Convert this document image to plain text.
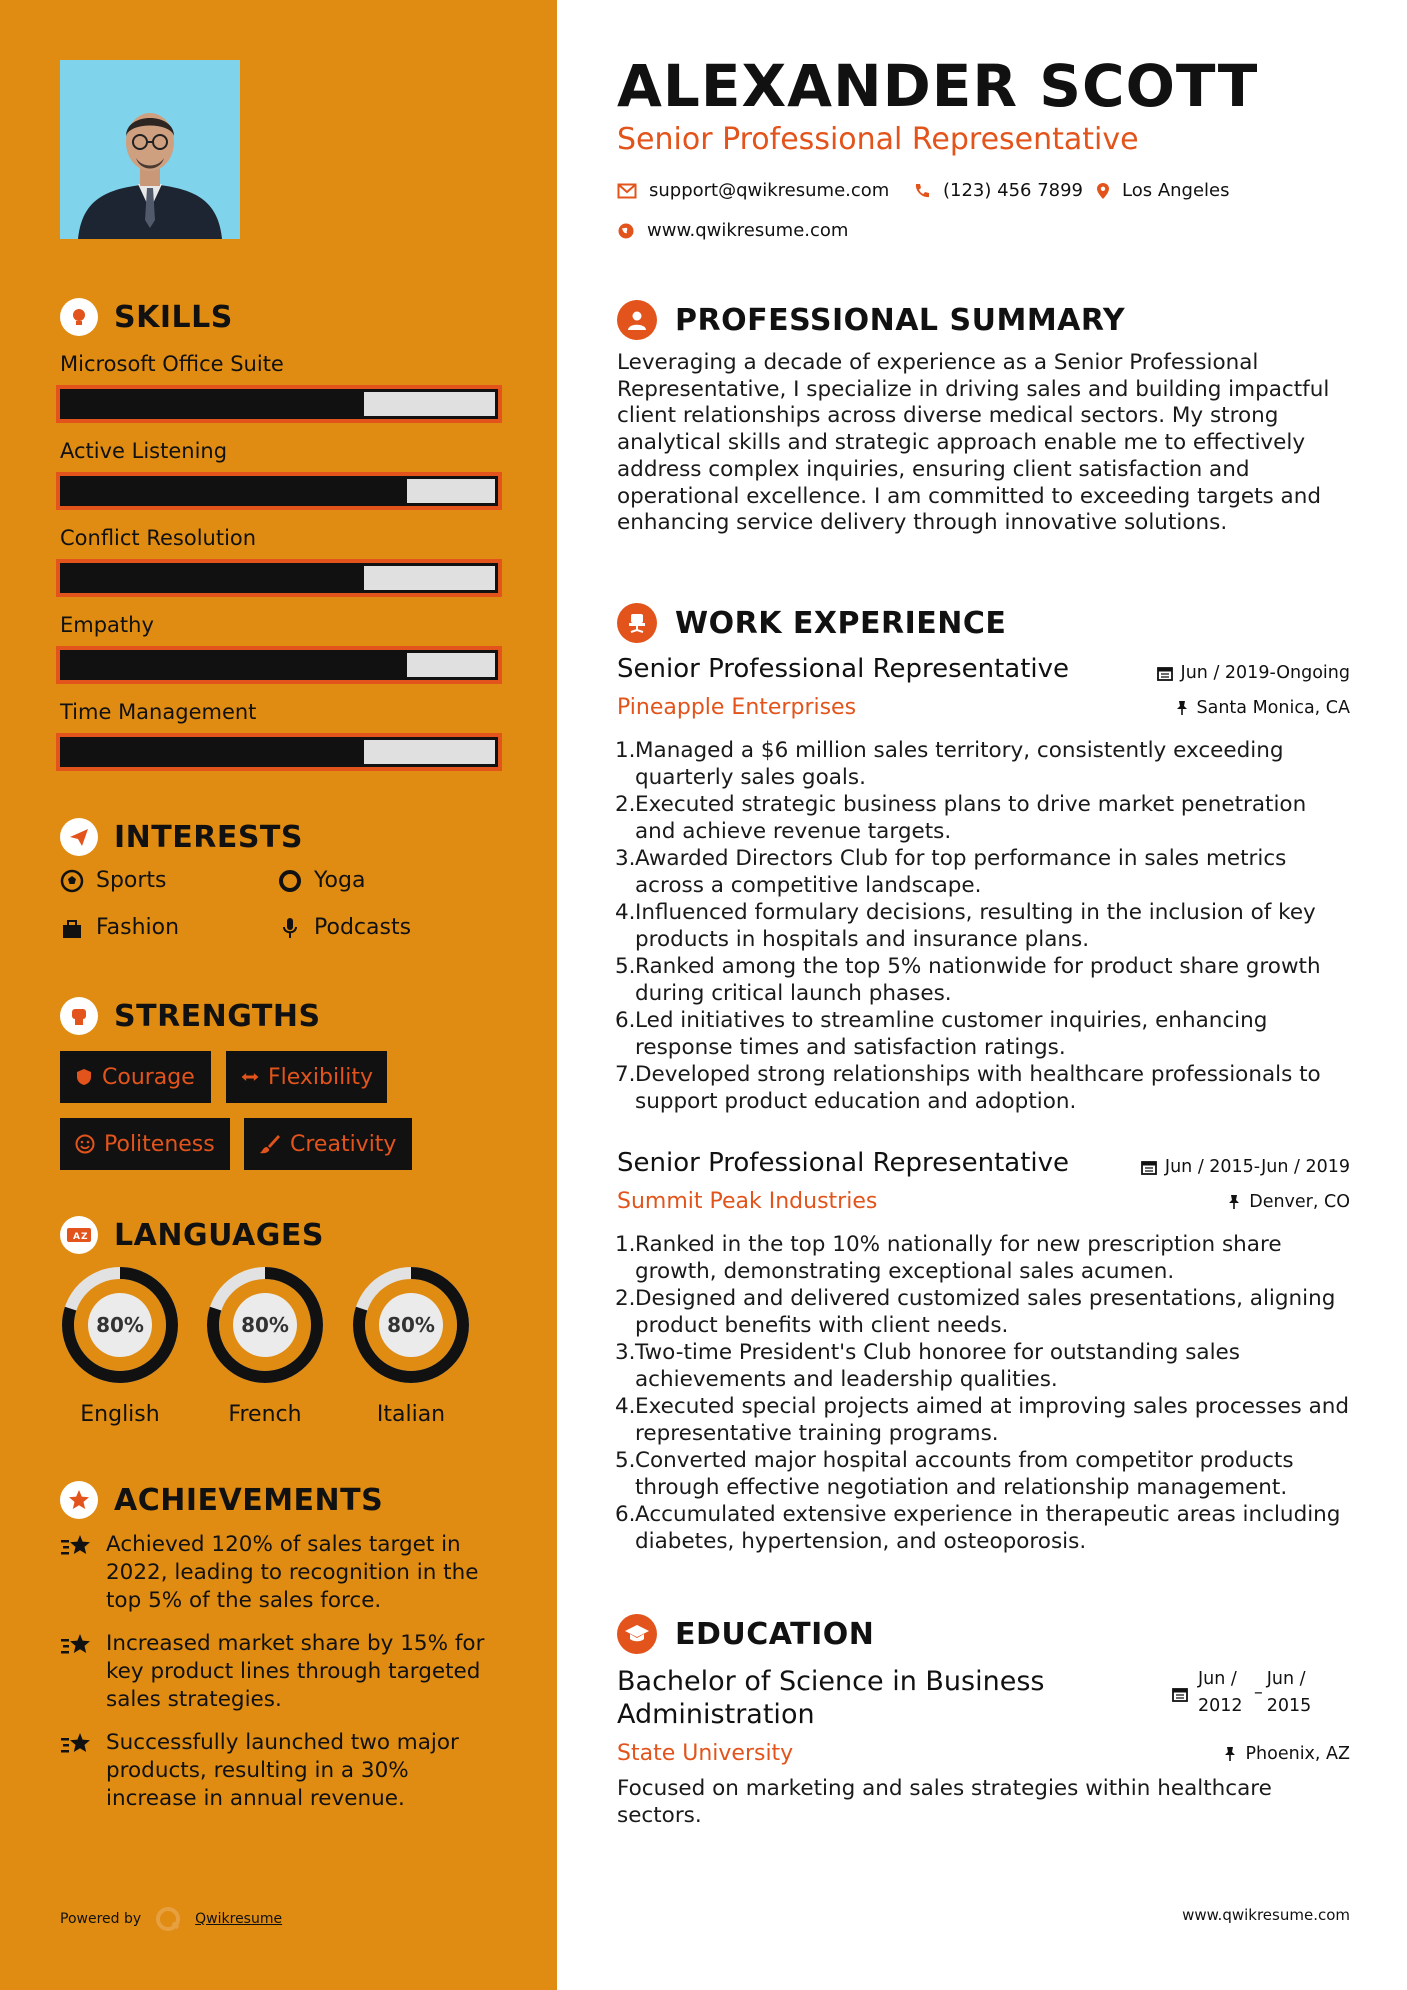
SKILLS
Microsoft Office Suite
Active Listening
Conflict Resolution
Empathy
Time Management
INTERESTS
Sports	Yoga
Fashion	Podcasts
STRENGTHS
Courage	Flexibility
Politeness	Creativity
A Z LANGUAGES
80%
English
80%
French
80%
Italian
ACHIEVEMENTS
Achieved 120% of sales target in 2022, leading to recognition in the top 5% of the sales force.
Increased market share by 15% for key product lines through targeted sales strategies.
Successfully launched two major products, resulting in a 30% increase in annual revenue.
Powered by	Qwikresume
ALEXANDER SCOTT
Senior Professional Representative
support@qwikresume.com	(123) 456 7899 Los Angeles
www.qwikresume.com
PROFESSIONAL SUMMARY

Leveraging a decade of experience as a Senior Professional Representative, I specialize in driving sales and building impactful client relationships across diverse medical sectors. My strong analytical skills and strategic approach enable me to effectively address complex inquiries, ensuring client satisfaction and operational excellence. I am committed to exceeding targets and enhancing service delivery through innovative solutions.

WORK EXPERIENCE
Senior Professional Representative	Jun / 2019-Ongoing
Pineapple Enterprises	Santa Monica, CA
1. Managed a $6 million sales territory, consistently exceeding quarterly sales goals.
2. Executed strategic business plans to drive market penetration and achieve revenue targets.
3. Awarded Directors Club for top performance in sales metrics across a competitive landscape.
4. Influenced formulary decisions, resulting in the inclusion of key products in hospitals and insurance plans.
5. Ranked among the top 5% nationwide for product share growth during critical launch phases.
6. Led initiatives to streamline customer inquiries, enhancing response times and satisfaction ratings.
7. Developed strong relationships with healthcare professionals to support product education and adoption.
Senior Professional Representative	Jun / 2015-Jun / 2019
Summit Peak Industries	Denver, CO
1. Ranked in the top 10% nationally for new prescription share growth, demonstrating exceptional sales acumen.
2. Designed and delivered customized sales presentations, aligning product benefits with client needs.
3. Two-time President's Club honoree for outstanding sales achievements and leadership qualities.
4. Executed special projects aimed at improving sales processes and representative training programs.
5. Converted major hospital accounts from competitor products through effective negotiation and relationship management.
6. Accumulated extensive experience in therapeutic areas including diabetes, hypertension, and osteoporosis.
EDUCATION
Bachelor of Science in Business Administration
Jun / 2012
–
Jun / 2015
State University	Phoenix, AZ

Focused on marketing and sales strategies within healthcare sectors.

www.qwikresume.com
